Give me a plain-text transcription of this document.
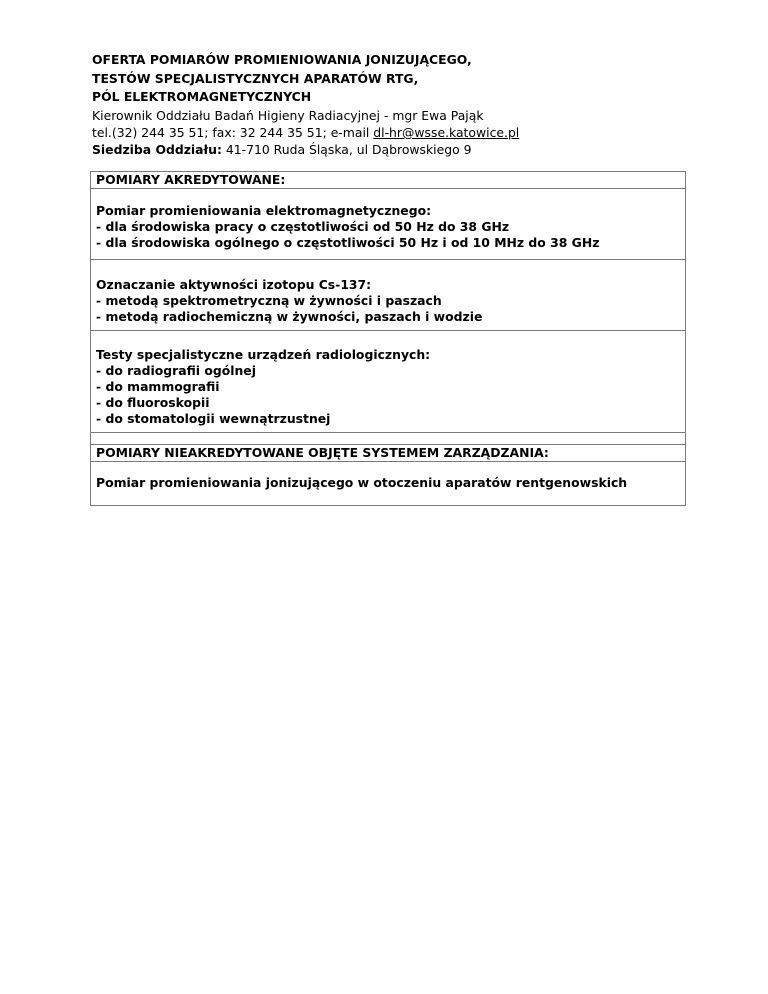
OFERTA POMIARÓW PROMIENIOWANIA JONIZUJĄCEGO,
TESTÓW SPECJALISTYCZNYCH APARATÓW RTG,
PÓL ELEKTROMAGNETYCZNYCH
Kierownik Oddziału Badań Higieny Radiacyjnej - mgr Ewa Pająk
tel.(32) 244 35 51; fax: 32 244 35 51; e-mail dl-hr@wsse.katowice.pl
Siedziba Oddziału: 41-710 Ruda Śląska, ul Dąbrowskiego 9
POMIARY AKREDYTOWANE:

Pomiar promieniowania elektromagnetycznego:
- dla środowiska pracy o częstotliwości od 50 Hz do 38 GHz
- dla środowiska ogólnego o częstotliwości 50 Hz i od 10 MHz do 38 GHz

Oznaczanie aktywności izotopu Cs-137:
- metodą spektrometryczną w żywności i paszach
- metodą radiochemiczną w żywności, paszach i wodzie

Testy specjalistyczne urządzeń radiologicznych:
- do radiografii ogólnej
- do mammografii
- do fluoroskopii
- do stomatologii wewnątrzustnej

POMIARY NIEAKREDYTOWANE OBJĘTE SYSTEMEM ZARZĄDZANIA:

Pomiar promieniowania jonizującego w otoczeniu aparatów rentgenowskich
